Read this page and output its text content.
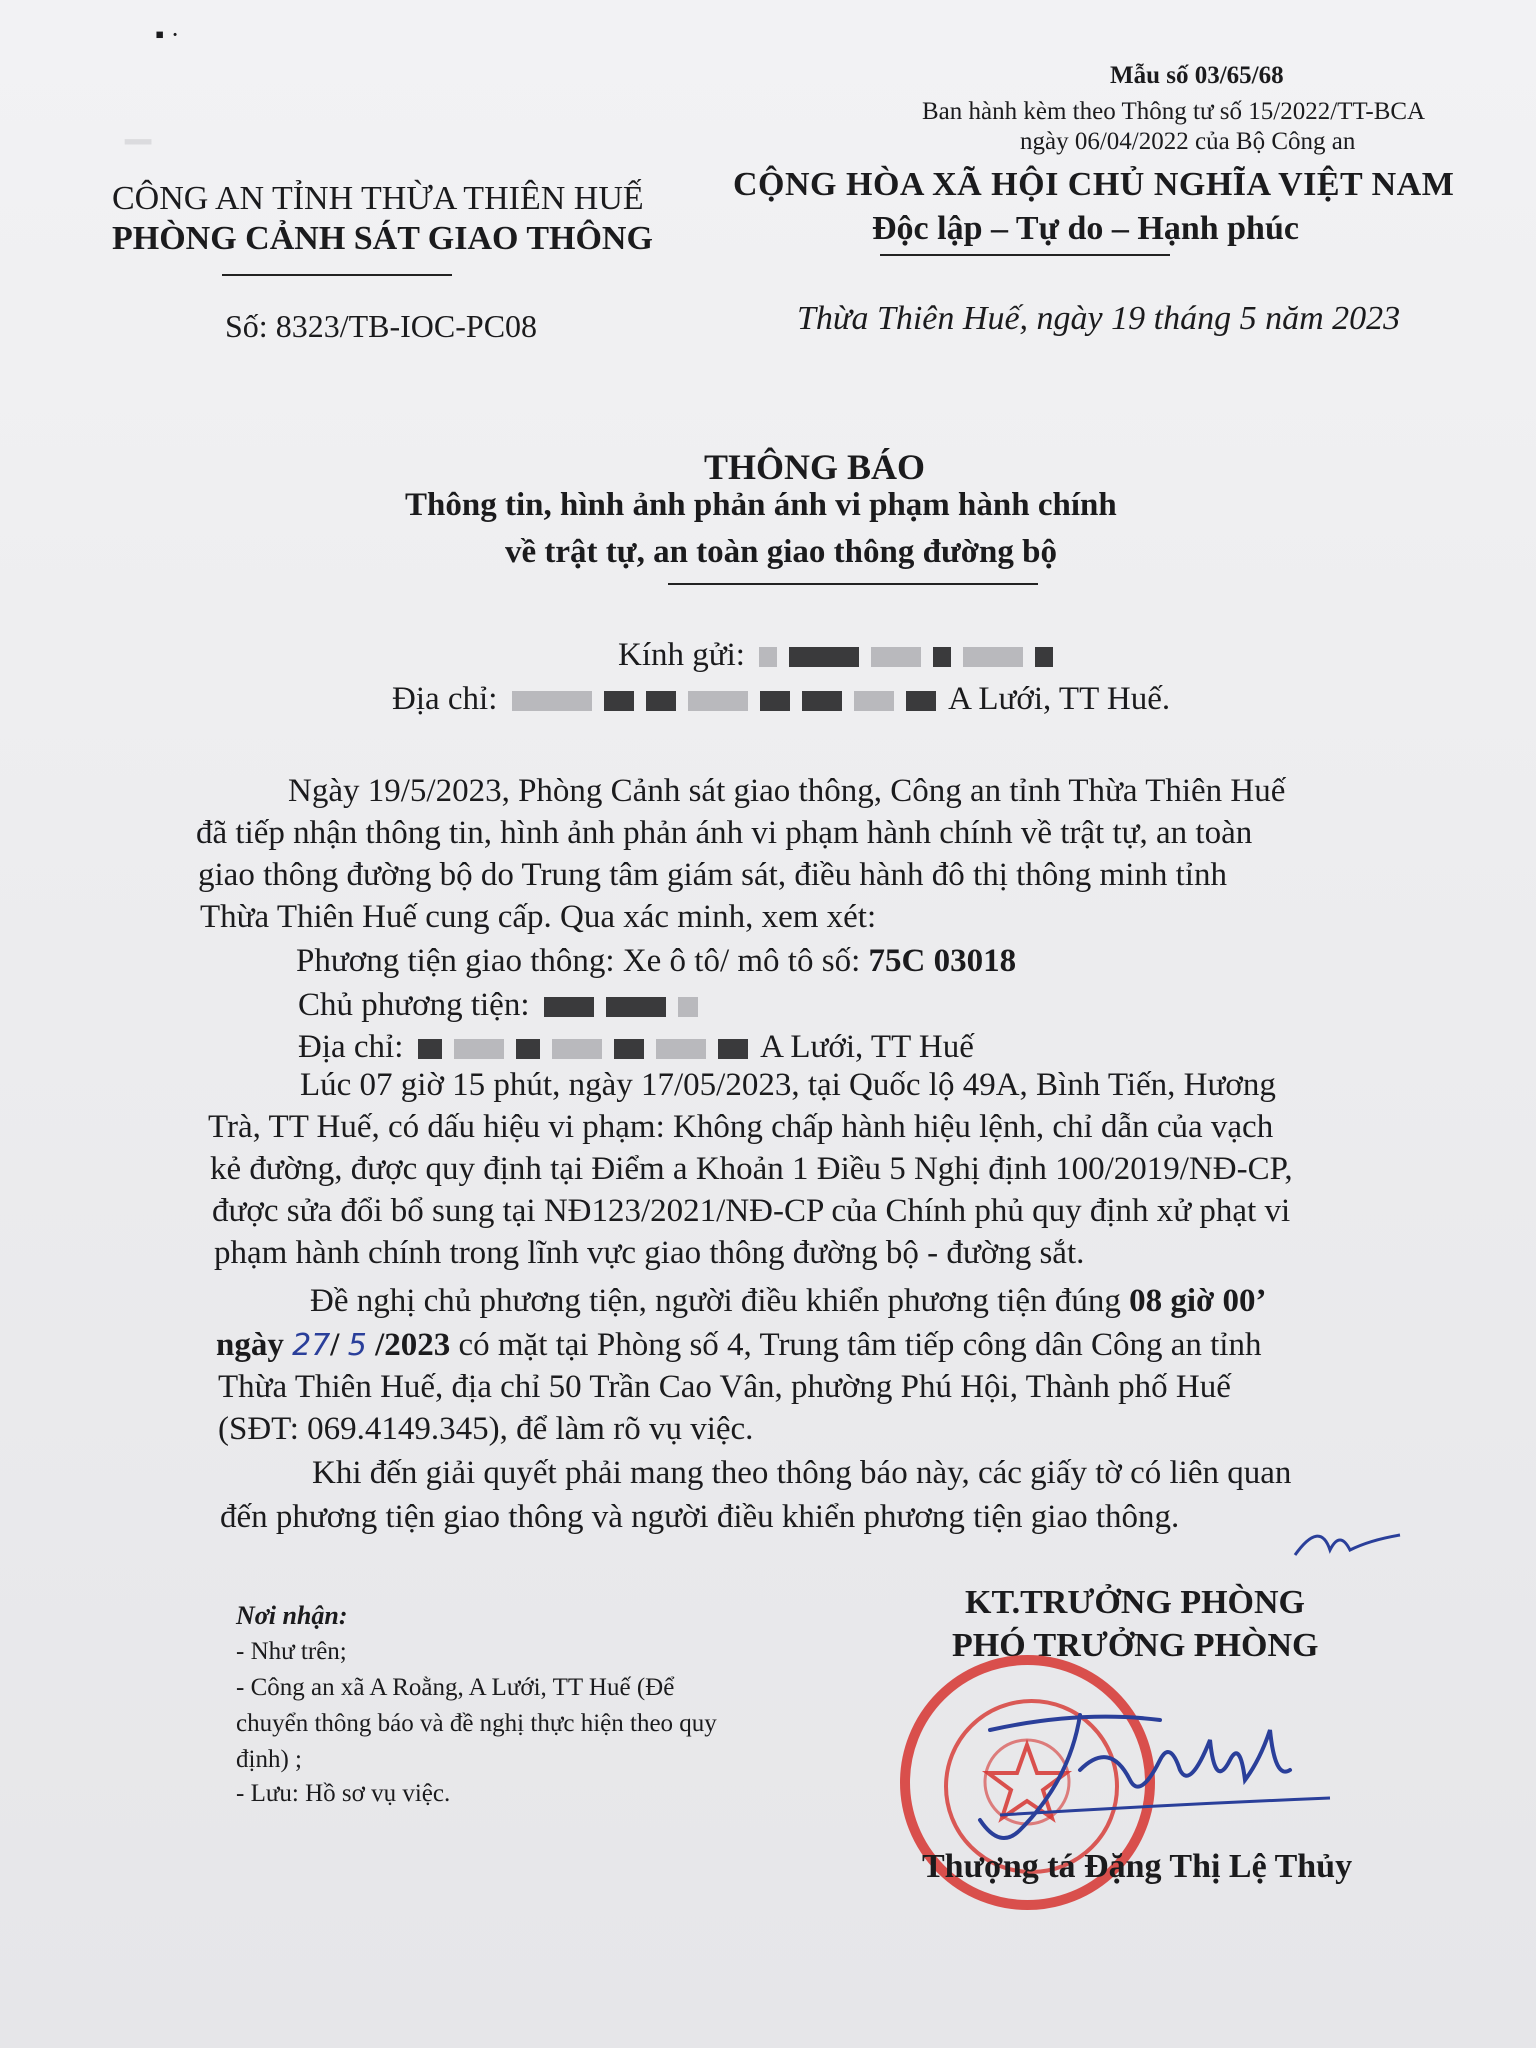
▔
▪ ·
Mẫu số 03/65/68
Ban hành kèm theo Thông tư số 15/2022/TT-BCA
ngày 06/04/2022 của Bộ Công an
CÔNG AN TỈNH THỪA THIÊN HUẾ
PHÒNG CẢNH SÁT GIAO THÔNG
Số: 8323/TB-IOC-PC08
CỘNG HÒA XÃ HỘI CHỦ NGHĨA VIỆT NAM
Độc lập – Tự do – Hạnh phúc
Thừa Thiên Huế, ngày 19 tháng 5 năm 2023
THÔNG BÁO
Thông tin, hình ảnh phản ánh vi phạm hành chính
về trật tự, an toàn giao thông đường bộ
Kính gửi:
Địa chỉ:	A Lưới, TT Huế.
Ngày 19/5/2023, Phòng Cảnh sát giao thông, Công an tỉnh Thừa Thiên Huế
đã tiếp nhận thông tin, hình ảnh phản ánh vi phạm hành chính về trật tự, an toàn
giao thông đường bộ do Trung tâm giám sát, điều hành đô thị thông minh tỉnh
Thừa Thiên Huế cung cấp. Qua xác minh, xem xét:
Phương tiện giao thông: Xe ô tô/ mô tô số: 75C 03018
Chủ phương tiện:
Địa chỉ:	A Lưới, TT Huế
Lúc 07 giờ 15 phút, ngày 17/05/2023, tại Quốc lộ 49A, Bình Tiến, Hương
Trà, TT Huế, có dấu hiệu vi phạm: Không chấp hành hiệu lệnh, chỉ dẫn của vạch
kẻ đường, được quy định tại Điểm a Khoản 1 Điều 5 Nghị định 100/2019/NĐ-CP,
được sửa đổi bổ sung tại NĐ123/2021/NĐ-CP của Chính phủ quy định xử phạt vi
phạm hành chính trong lĩnh vực giao thông đường bộ - đường sắt.
Đề nghị chủ phương tiện, người điều khiển phương tiện đúng 08 giờ 00’
ngày 27/ 5 /2023 có mặt tại Phòng số 4, Trung tâm tiếp công dân Công an tỉnh
Thừa Thiên Huế, địa chỉ 50 Trần Cao Vân, phường Phú Hội, Thành phố Huế
(SĐT: 069.4149.345), để làm rõ vụ việc.
Khi đến giải quyết phải mang theo thông báo này, các giấy tờ có liên quan
đến phương tiện giao thông và người điều khiển phương tiện giao thông.
Nơi nhận:
- Như trên;
- Công an xã A Roằng, A Lưới, TT Huế (Để
chuyển thông báo và đề nghị thực hiện theo quy
định) ;
- Lưu: Hồ sơ vụ việc.
KT.TRƯỞNG PHÒNG
PHÓ TRƯỞNG PHÒNG
Thượng tá Đặng Thị Lệ Thủy
